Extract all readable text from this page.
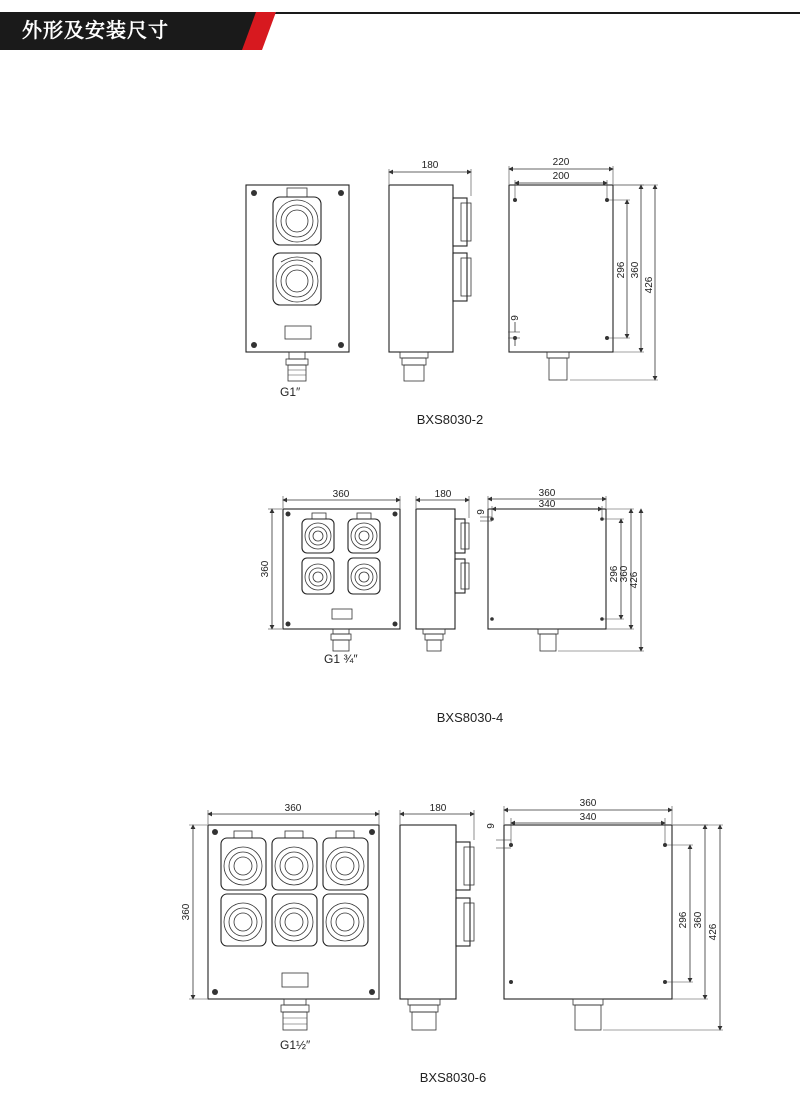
外形及安装尺寸
G1″
180	220
200
296 360
426
9
BXS8030-2
360
360
G1 ¾″
180	360
340
296 360 426
9
BXS8030-4
360
360
G1½″
180	360
340
296 360
426
9
BXS8030-6
